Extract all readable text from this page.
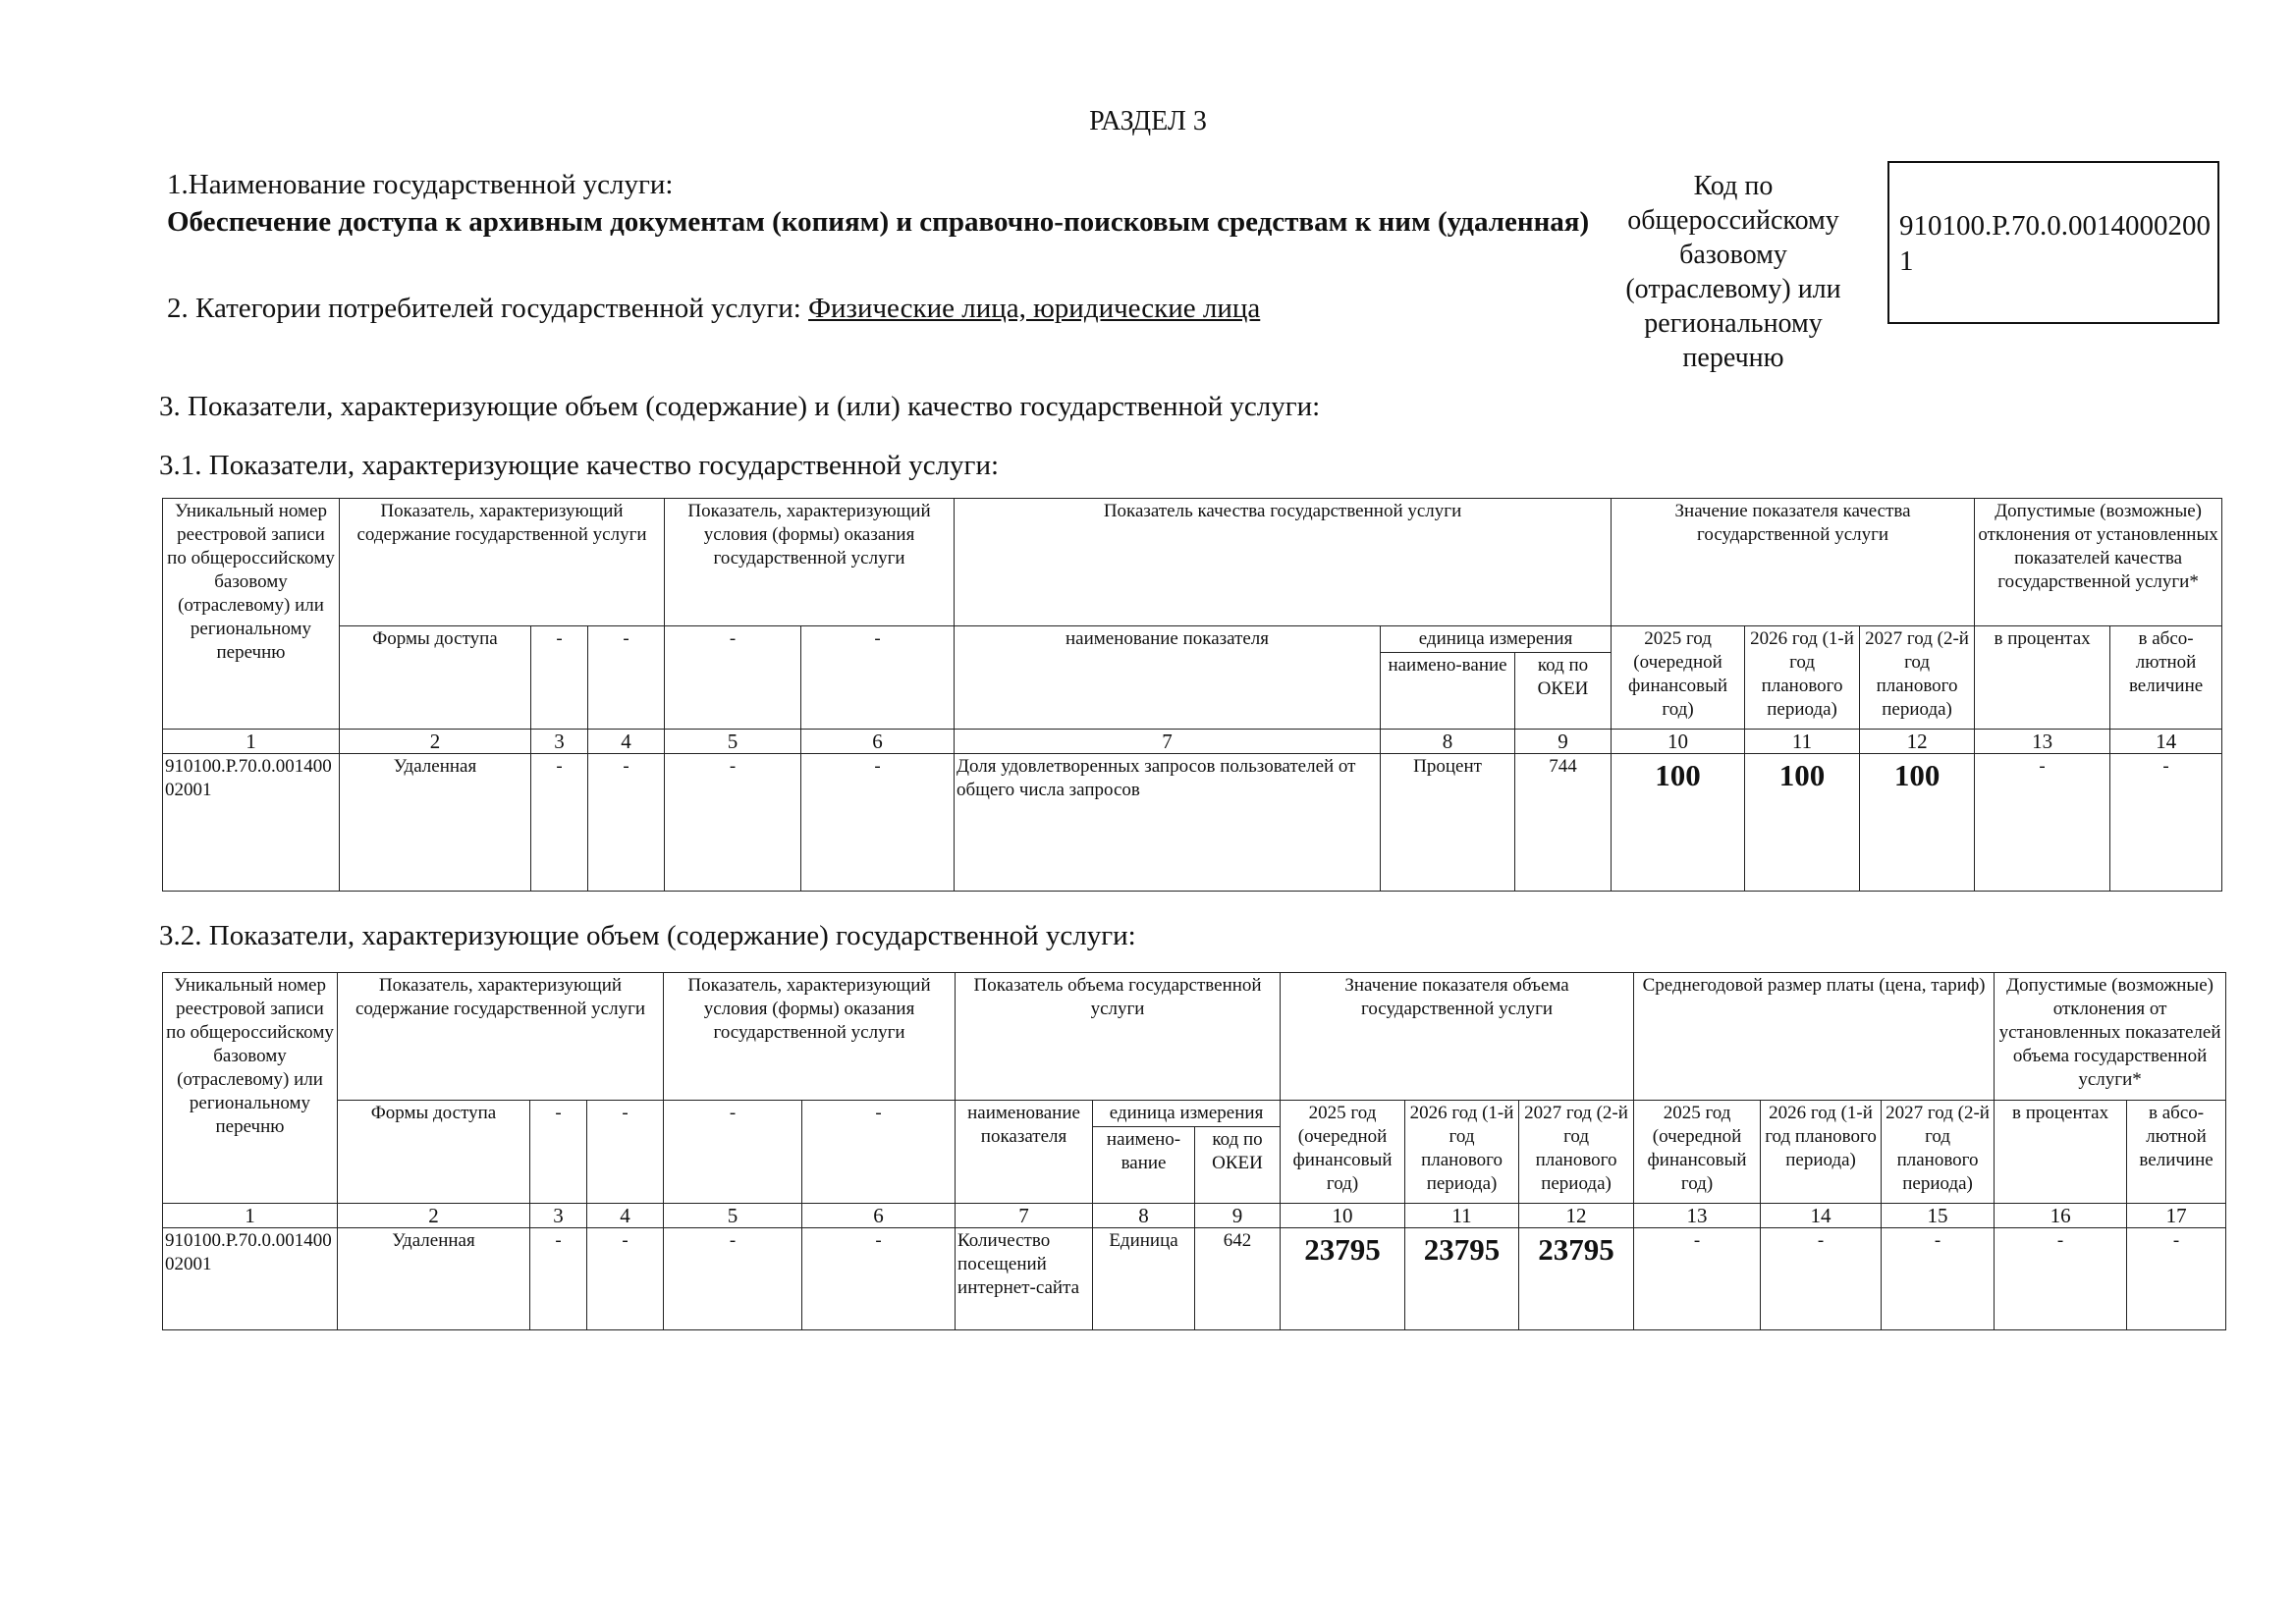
РАЗДЕЛ 3
1.Наименование государственной услуги:
Обеспечение доступа к архивным документам (копиям) и справочно-поисковым средствам к ним (удаленная)
2. Категории потребителей государственной услуги: Физические лица, юридические лица
Код по общероссийскому базовому (отраслевому) или региональному перечню
910100.Р.70.0.00140002001
3. Показатели, характеризующие объем (содержание) и (или) качество государственной услуги:
3.1. Показатели, характеризующие качество государственной услуги:
Уникальный номер реестровой записи по общероссийскому базовому (отраслевому) или региональному перечню	Показатель, характеризующий содержание государственной услуги			Показатель, характеризующий условия (формы) оказания государственной услуги		Показатель качества государственной услуги			Значение показателя качества государственной услуги			Допустимые (возможные) отклонения от установленных показателей качества государственной услуги*	
	Формы доступа	-	-	-	-	наименование показателя	единица измерения		2025 год (очередной финансовый год)	2026 год (1-й год планового периода)	2027 год (2-й год планового периода)	в процентах	в абсо-лютной величине
							наимено-вание	код по ОКЕИ					
1	2	3	4	5	6	7	8	9	10	11	12	13	14
910100.Р.70.0.00140002001	Удаленная	-	-	-	-	Доля удовлетворенных запросов пользователей от общего числа запросов	Процент	744	100	100	100	-	-
3.2. Показатели, характеризующие объем (содержание) государственной услуги:
Уникальный номер реестровой записи по общероссийскому базовому (отраслевому) или региональному перечню	Показатель, характеризующий содержание государственной услуги			Показатель, характеризующий условия (формы) оказания государственной услуги		Показатель объема государственной услуги			Значение показателя объема государственной услуги			Среднегодовой размер платы (цена, тариф)			Допустимые (возможные) отклонения от установленных показателей объема государственной услуги*	
	Формы доступа	-	-	-	-	наименование показателя	единица измерения		2025 год (очередной финансовый год)	2026 год (1-й год планового периода)	2027 год (2-й год планового периода)	2025 год (очередной финансовый год)	2026 год (1-й год планового периода)	2027 год (2-й год планового периода)	в процентах	в абсо-лютной величине
							наимено-вание	код по ОКЕИ								
1	2	3	4	5	6	7	8	9	10	11	12	13	14	15	16	17
910100.Р.70.0.00140002001	Удаленная	-	-	-	-	Количество посещений интернет-сайта	Единица	642	23795	23795	23795	-	-	-	-	-
